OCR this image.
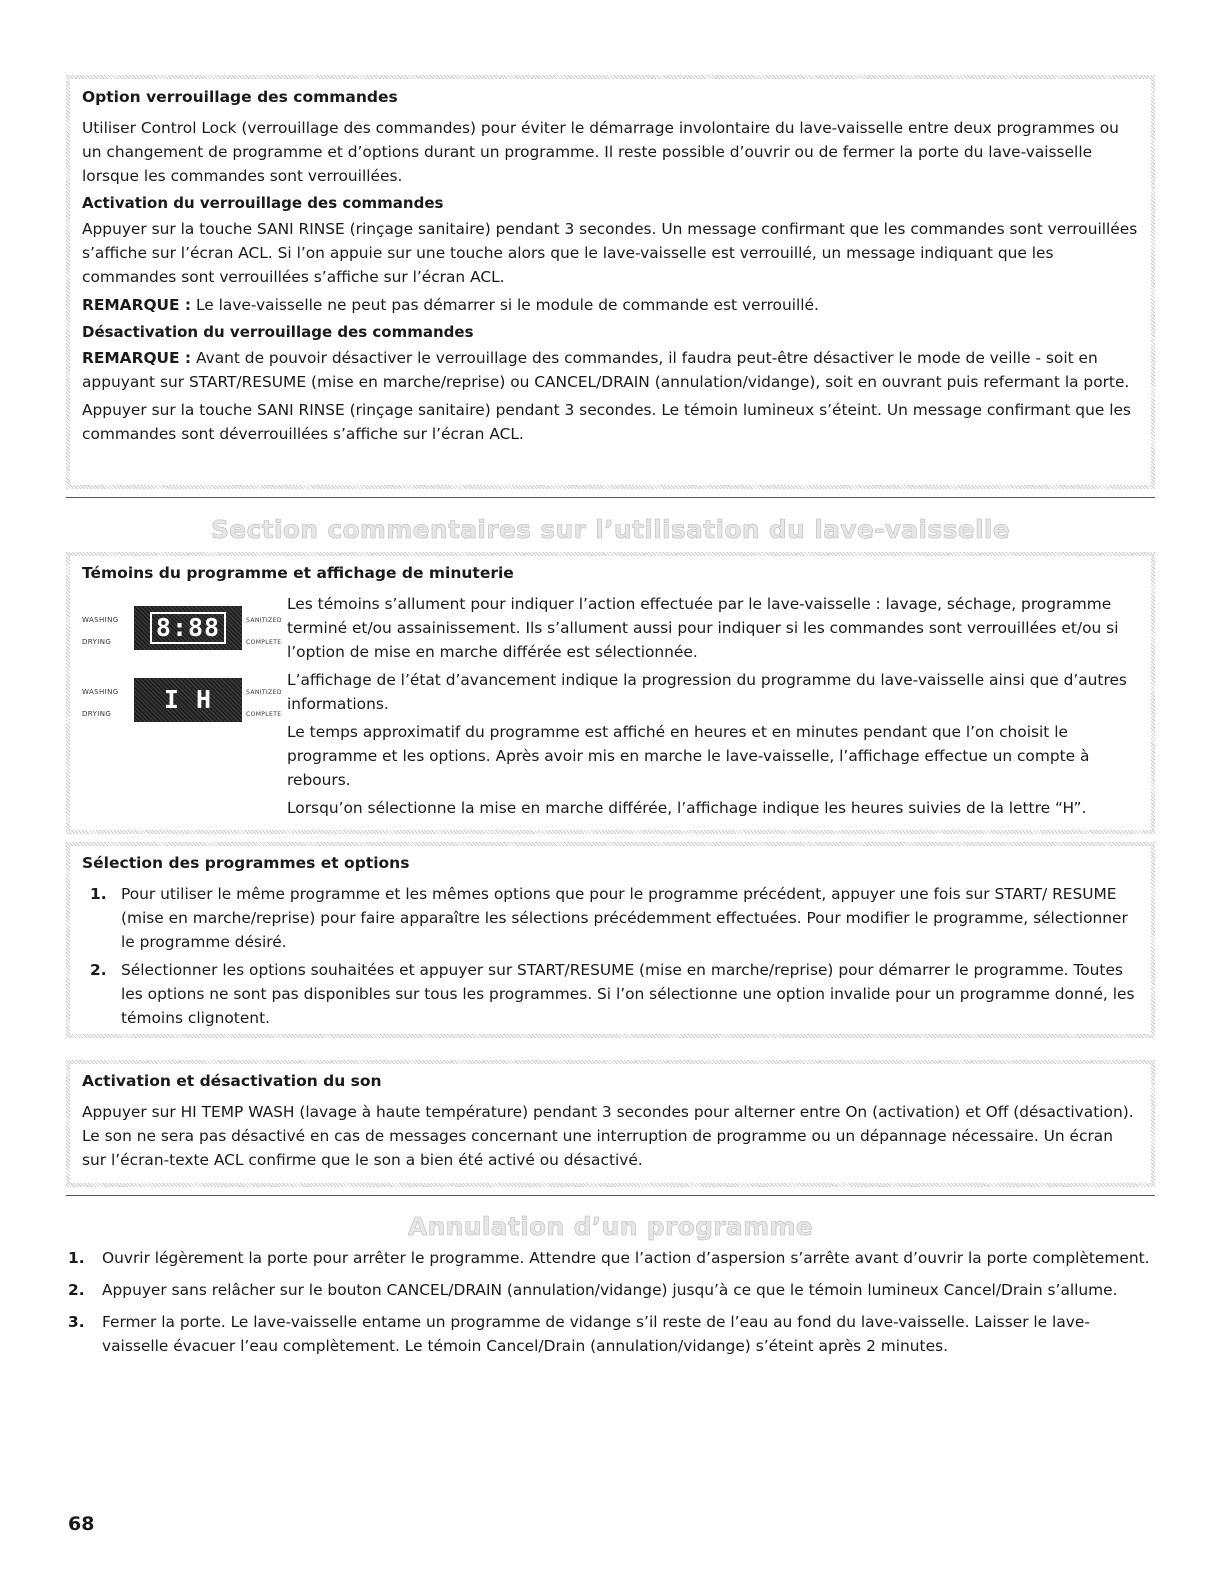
Option verrouillage des commandes

Utiliser Control Lock (verrouillage des commandes) pour éviter le démarrage involontaire du lave-vaisselle entre deux programmes ou un changement de programme et d’options durant un programme. Il reste possible d’ouvrir ou de fermer la porte du lave-vaisselle lorsque les commandes sont verrouillées.

Activation du verrouillage des commandes

Appuyer sur la touche SANI RINSE (rinçage sanitaire) pendant 3 secondes. Un message confirmant que les commandes sont verrouillées s’affiche sur l’écran ACL. Si l’on appuie sur une touche alors que le lave-vaisselle est verrouillé, un message indiquant que les commandes sont verrouillées s’affiche sur l’écran ACL.

REMARQUE : Le lave-vaisselle ne peut pas démarrer si le module de commande est verrouillé.

Désactivation du verrouillage des commandes

REMARQUE : Avant de pouvoir désactiver le verrouillage des commandes, il faudra peut-être désactiver le mode de veille - soit en appuyant sur START/RESUME (mise en marche/reprise) ou CANCEL/DRAIN (annulation/vidange), soit en ouvrant puis refermant la porte.

Appuyer sur la touche SANI RINSE (rinçage sanitaire) pendant 3 secondes. Le témoin lumineux s’éteint. Un message confirmant que les commandes sont déverrouillées s’affiche sur l’écran ACL.

Section commentaires sur l’utilisation du lave-vaisselle
Témoins du programme et affichage de minuterie
WASHING
DRYING 8:88	SANITIZED
COMPLETE
WASHING
DRYING I H	SANITIZED
COMPLETE

Les témoins s’allument pour indiquer l’action effectuée par le lave-vaisselle : lavage, séchage, programme terminé et/ou assainissement. Ils s’allument aussi pour indiquer si les commandes sont verrouillées et/ou si l’option de mise en marche différée est sélectionnée.

L’affichage de l’état d’avancement indique la progression du programme du lave-vaisselle ainsi que d’autres informations.

Le temps approximatif du programme est affiché en heures et en minutes pendant que l’on choisit le programme et les options. Après avoir mis en marche le lave-vaisselle, l’affichage effectue un compte à rebours.

Lorsqu’on sélectionne la mise en marche différée, l’affichage indique les heures suivies de la lettre “H”.

Sélection des programmes et options
1. Pour utiliser le même programme et les mêmes options que pour le programme précédent, appuyer une fois sur START/ RESUME (mise en marche/reprise) pour faire apparaître les sélections précédemment effectuées. Pour modifier le programme, sélectionner le programme désiré.
2. Sélectionner les options souhaitées et appuyer sur START/RESUME (mise en marche/reprise) pour démarrer le programme. Toutes les options ne sont pas disponibles sur tous les programmes. Si l’on sélectionne une option invalide pour un programme donné, les témoins clignotent.
Activation et désactivation du son

Appuyer sur HI TEMP WASH (lavage à haute température) pendant 3 secondes pour alterner entre On (activation) et Off (désactivation). Le son ne sera pas désactivé en cas de messages concernant une interruption de programme ou un dépannage nécessaire. Un écran sur l’écran-texte ACL confirme que le son a bien été activé ou désactivé.

Annulation d’un programme
1. Ouvrir légèrement la porte pour arrêter le programme. Attendre que l’action d’aspersion s’arrête avant d’ouvrir la porte complètement.
2. Appuyer sans relâcher sur le bouton CANCEL/DRAIN (annulation/vidange) jusqu’à ce que le témoin lumineux Cancel/Drain s’allume.
3. Fermer la porte. Le lave-vaisselle entame un programme de vidange s’il reste de l’eau au fond du lave-vaisselle. Laisser le lave-vaisselle évacuer l’eau complètement. Le témoin Cancel/Drain (annulation/vidange) s’éteint après 2 minutes.
68
